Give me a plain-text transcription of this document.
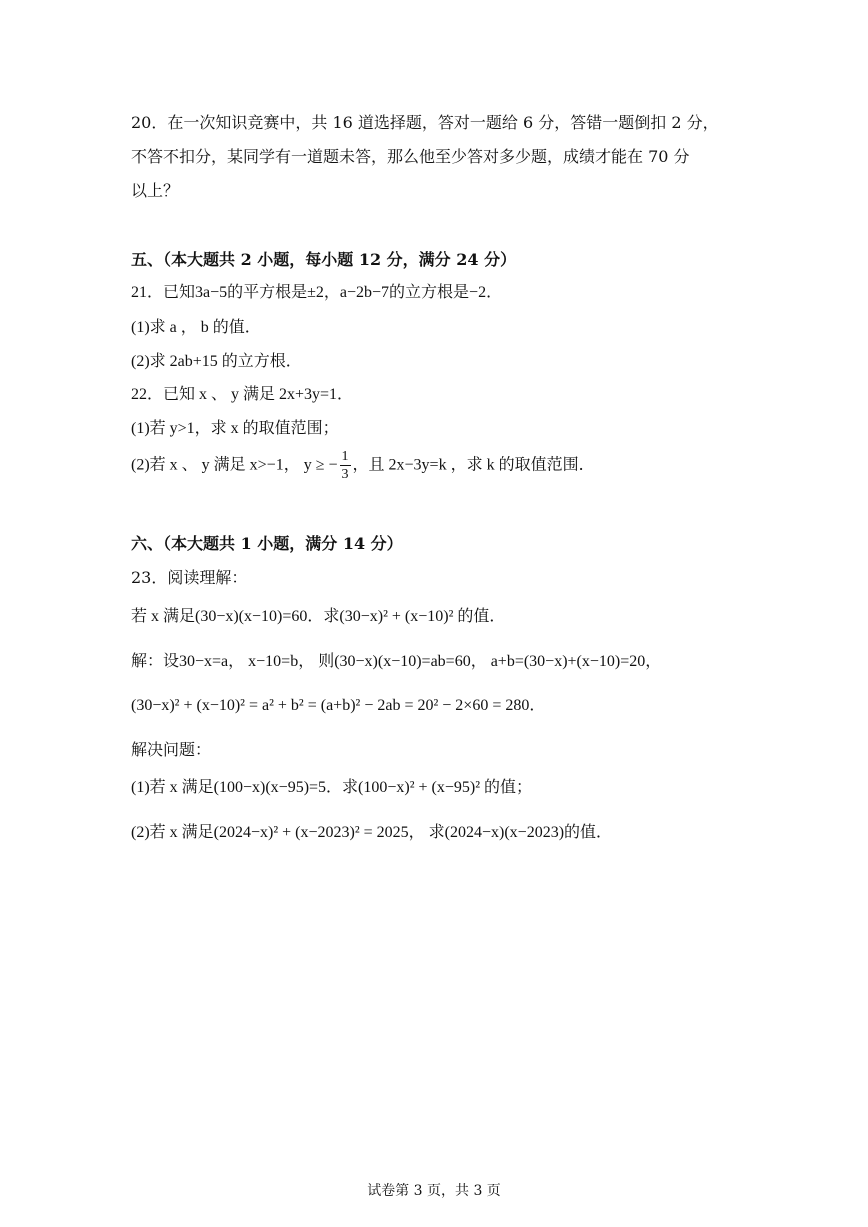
20．在一次知识竞赛中，共 16 道选择题，答对一题给 6 分，答错一题倒扣 2 分，
不答不扣分，某同学有一道题未答，那么他至少答对多少题，成绩才能在 70 分
以上？
五、（本大题共 2 小题，每小题 12 分，满分 24 分）
21．已知3a−5的平方根是±2，a−2b−7的立方根是−2．
(1)求 a ， b 的值．
(2)求 2ab+15 的立方根．
22．已知 x 、 y 满足 2x+3y=1．
(1)若 y>1，求 x 的取值范围；
(2)若 x 、 y 满足 x>−1， y ≥ − $\frac{1}{3}$ ，且 2x−3y=k ，求 k 的取值范围．
六、（本大题共 1 小题，满分 14 分）
23．阅读理解：
若 x 满足(30−x)(x−10)=60．求(30−x)² + (x−10)² 的值．
解：设30−x=a， x−10=b， 则(30−x)(x−10)=ab=60， a+b=(30−x)+(x−10)=20，
(30−x)² + (x−10)² = a² + b² = (a+b)² − 2ab = 20² − 2×60 = 280．
解决问题：
(1)若 x 满足(100−x)(x−95)=5．求(100−x)² + (x−95)² 的值；
(2)若 x 满足(2024−x)² + (x−2023)² = 2025， 求(2024−x)(x−2023)的值．
试卷第 3 页，共 3 页
